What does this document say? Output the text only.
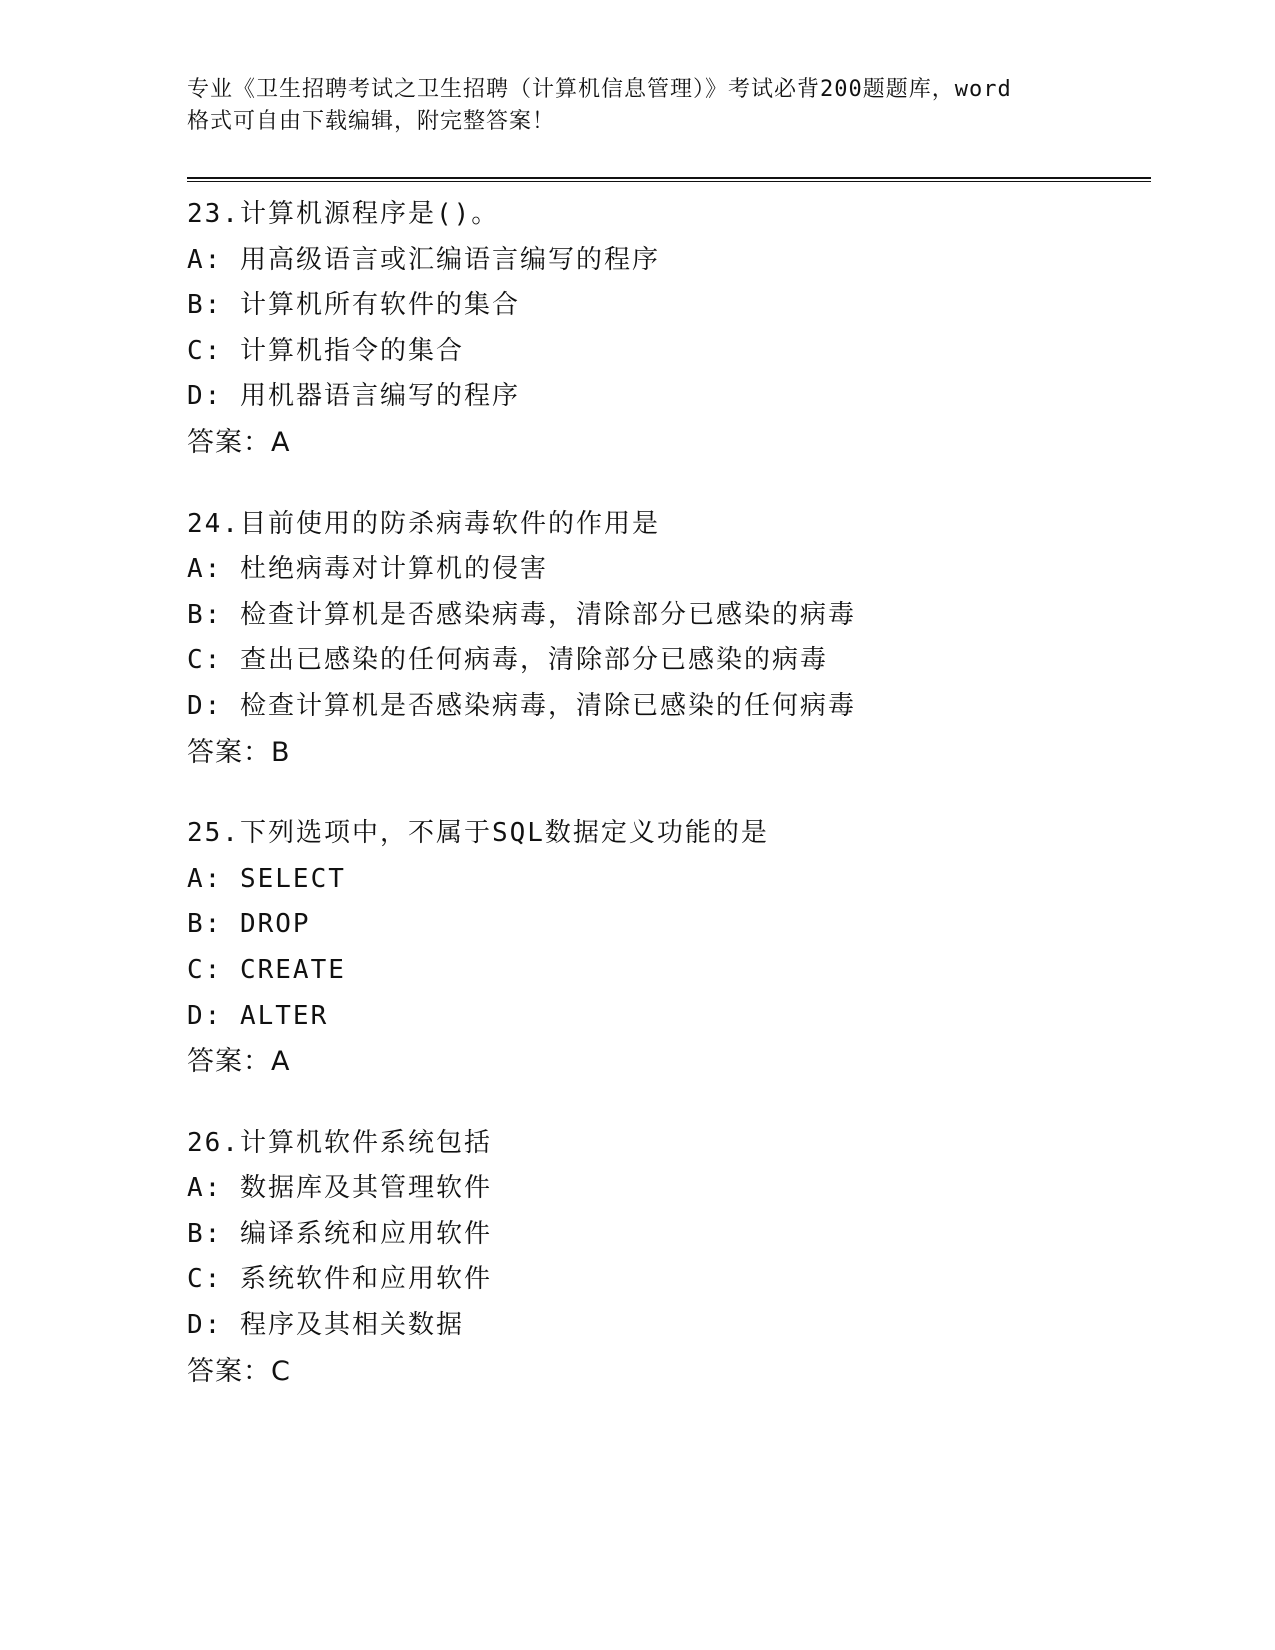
专业《卫生招聘考试之卫生招聘（计算机信息管理）》考试必背200题题库，word
格式可自由下载编辑，附完整答案！
23.计算机源程序是()。
A: 用高级语言或汇编语言编写的程序
B: 计算机所有软件的集合
C: 计算机指令的集合
D: 用机器语言编写的程序
答案：A
24.目前使用的防杀病毒软件的作用是
A: 杜绝病毒对计算机的侵害
B: 检查计算机是否感染病毒，清除部分已感染的病毒
C: 查出已感染的任何病毒，清除部分已感染的病毒
D: 检查计算机是否感染病毒，清除已感染的任何病毒
答案：B
25.下列选项中，不属于SQL数据定义功能的是
A: SELECT
B: DROP
C: CREATE
D: ALTER
答案：A
26.计算机软件系统包括
A: 数据库及其管理软件
B: 编译系统和应用软件
C: 系统软件和应用软件
D: 程序及其相关数据
答案：C
